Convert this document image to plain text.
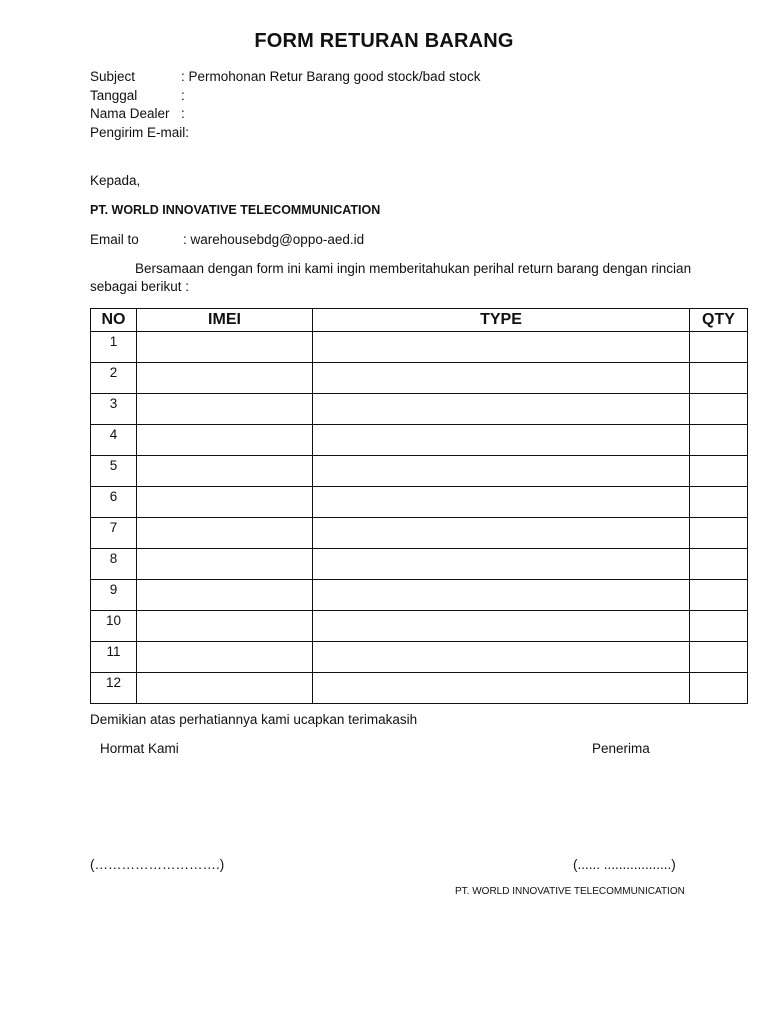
FORM RETURAN BARANG
Subject	: Permohonan Retur Barang good stock/bad stock
Tanggal	:
Nama Dealer :
Pengirim E-mail:
Kepada,
PT. WORLD INNOVATIVE TELECOMMUNICATION
Email to	: warehousebdg@oppo-aed.id
Bersamaan dengan form ini kami ingin memberitahukan perihal return barang dengan rincian
sebagai berikut :
NO	IMEI	TYPE	QTY
1			
2			
3			
4			
5			
6			
7			
8			
9			
10			
11			
12			
Demikian atas perhatiannya kami ucapkan terimakasih
Hormat Kami	Penerima
(……………………….)	(...... ..................)
PT. WORLD INNOVATIVE TELECOMMUNICATION
